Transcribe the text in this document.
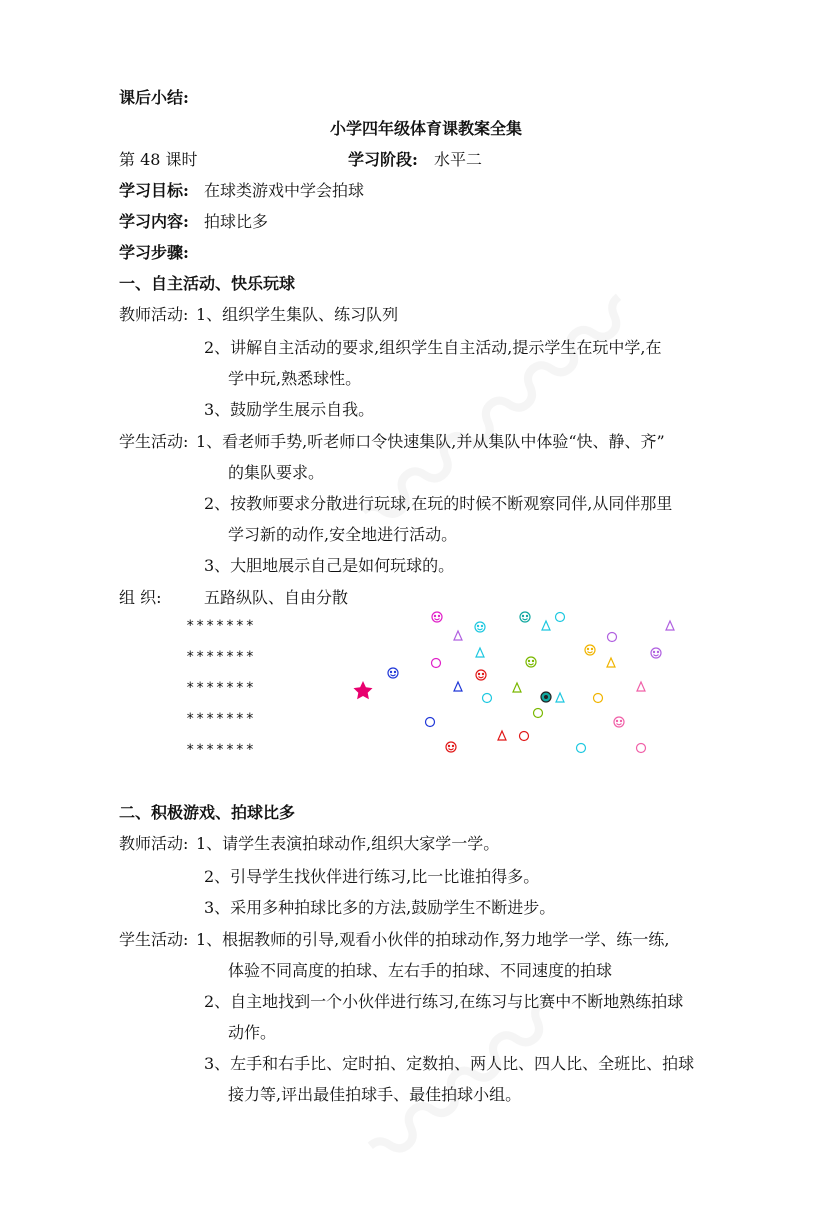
课后小结:
小学四年级体育课教案全集
第 48 课时	学习阶段: 水平二
学习目标: 在球类游戏中学会拍球
学习内容: 拍球比多
学习步骤:
一、自主活动、快乐玩球
教师活动: 1、组织学生集队、练习队列
2、讲解自主活动的要求,组织学生自主活动,提示学生在玩中学,在
学中玩,熟悉球性。
3、鼓励学生展示自我。
学生活动: 1、看老师手势,听老师口令快速集队,并从集队中体验“快、静、齐”
的集队要求。
2、按教师要求分散进行玩球,在玩的时候不断观察同伴,从同伴那里
学习新的动作,安全地进行活动。
3、大胆地展示自己是如何玩球的。
组 织:	五路纵队、自由分散
*******
*******
*******
*******
*******
二、积极游戏、拍球比多
教师活动: 1、请学生表演拍球动作,组织大家学一学。
2、引导学生找伙伴进行练习,比一比谁拍得多。
3、采用多种拍球比多的方法,鼓励学生不断进步。
学生活动: 1、根据教师的引导,观看小伙伴的拍球动作,努力地学一学、练一练,
体验不同高度的拍球、左右手的拍球、不同速度的拍球
2、自主地找到一个小伙伴进行练习,在练习与比赛中不断地熟练拍球
动作。
3、左手和右手比、定时拍、定数拍、两人比、四人比、全班比、拍球
接力等,评出最佳拍球手、最佳拍球小组。
